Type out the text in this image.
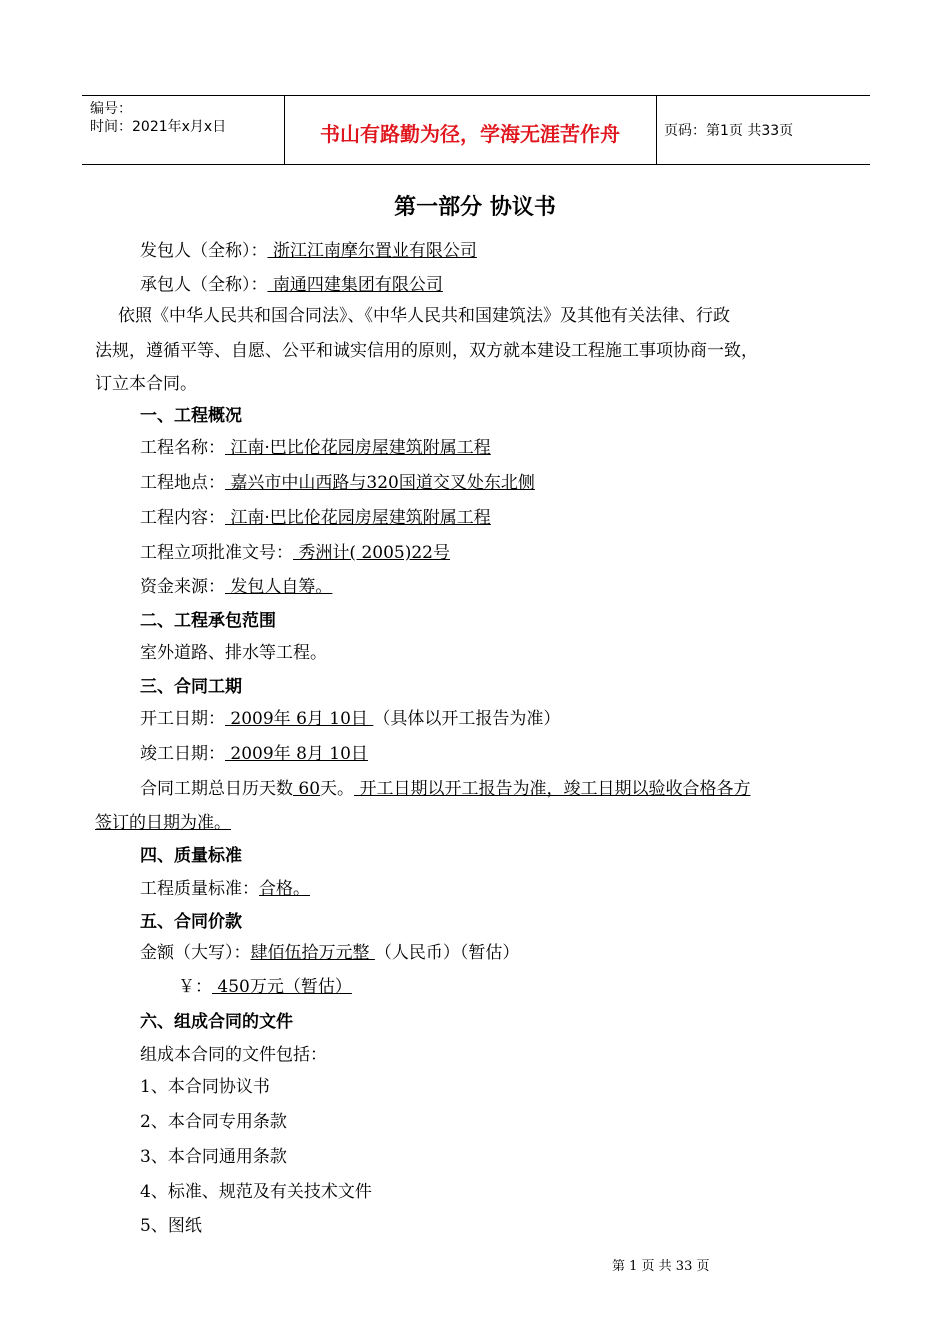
编号：
时间：2021年x月x日	书山有路勤为径，学海无涯苦作舟	页码：第1页 共33页
第一部分 协议书
发包人（全称）： 浙江江南摩尔置业有限公司
承包人（全称）： 南通四建集团有限公司
依照《中华人民共和国合同法》、《中华人民共和国建筑法》及其他有关法律、行政
法规，遵循平等、自愿、公平和诚实信用的原则，双方就本建设工程施工事项协商一致，
订立本合同。
一、工程概况
工程名称： 江南·巴比伦花园房屋建筑附属工程
工程地点： 嘉兴市中山西路与320国道交叉处东北侧
工程内容： 江南·巴比伦花园房屋建筑附属工程
工程立项批准文号： 秀洲计( 2005)22号
资金来源： 发包人自筹。
二、工程承包范围
室外道路、排水等工程。
三、合同工期
开工日期： 2009年 6月 10日 （具体以开工报告为准）
竣工日期： 2009年 8月 10日
合同工期总日历天数 60天。 开工日期以开工报告为准，竣工日期以验收合格各方
签订的日期为准。
四、质量标准
工程质量标准：合格。
五、合同价款
金额（大写）：肆佰伍拾万元整 （人民币）（暂估）
￥： 450万元（暂估）
六、组成合同的文件
组成本合同的文件包括：
1、本合同协议书
2、本合同专用条款
3、本合同通用条款
4、标准、规范及有关技术文件
5、图纸
第 1 页 共 33 页
